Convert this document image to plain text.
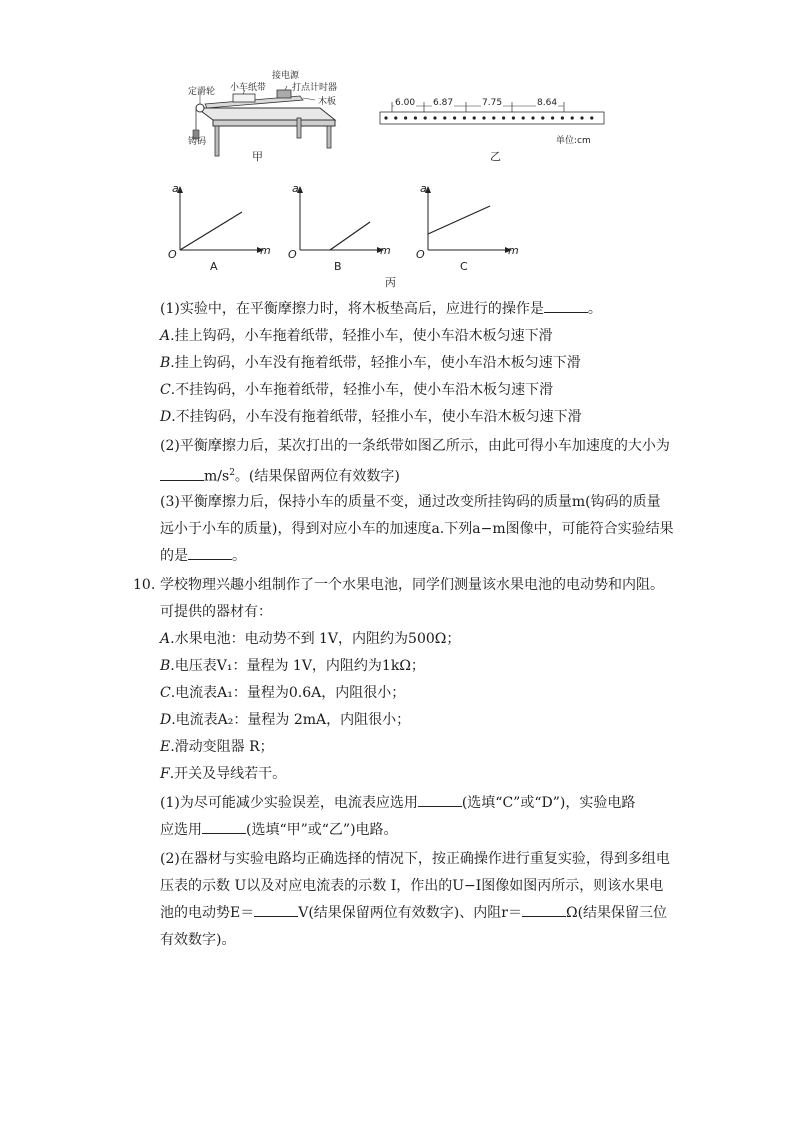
定滑轮 小车纸带
接电源
打点计时器
木板
钩码
甲
6.00 6.87	7.75	8.64
单位:cm
乙
a
m
O
A
a
m
O
B
a
m
O
C
丙
(1)实验中，在平衡摩擦力时，将木板垫高后，应进行的操作是	。
A.挂上钩码，小车拖着纸带，轻推小车，使小车沿木板匀速下滑
B.挂上钩码，小车没有拖着纸带，轻推小车，使小车沿木板匀速下滑
C.不挂钩码，小车拖着纸带，轻推小车，使小车沿木板匀速下滑
D.不挂钩码，小车没有拖着纸带，轻推小车，使小车沿木板匀速下滑
(2)平衡摩擦力后，某次打出的一条纸带如图乙所示，由此可得小车加速度的大小为
$m/s^2$。(结果保留两位有效数字)
(3)平衡摩擦力后，保持小车的质量不变，通过改变所挂钩码的质量m(钩码的质量
远小于小车的质量)，得到对应小车的加速度a.下列a−m图像中，可能符合实验结果
的是	。
10. 学校物理兴趣小组制作了一个水果电池，同学们测量该水果电池的电动势和内阻。
可提供的器材有：
A.水果电池：电动势不到 1V，内阻约为500Ω；
B.电压表V₁：量程为 1V，内阻约为1kΩ；
C.电流表A₁：量程为0.6A，内阻很小；
D.电流表A₂：量程为 2mA，内阻很小；
E.滑动变阻器 R；
F.开关及导线若干。
(1)为尽可能减少实验误差，电流表应选用	(选填“C”或“D”)，实验电路
应选用	(选填“甲”或“乙”)电路。
(2)在器材与实验电路均正确选择的情况下，按正确操作进行重复实验，得到多组电
压表的示数 U以及对应电流表的示数 I，作出的U−I图像如图丙所示，则该水果电
池的电动势E＝	V(结果保留两位有效数字)、内阻r＝	Ω(结果保留三位
有效数字)。
